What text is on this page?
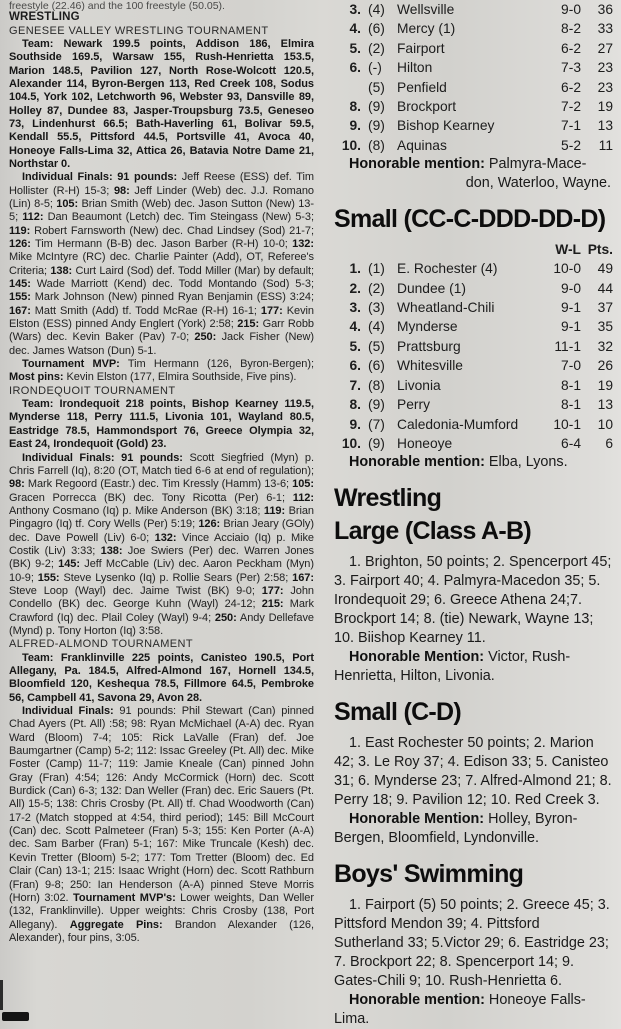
freestyle (22.46) and the 100 freestyle (50.05).
WRESTLING
GENESEE VALLEY WRESTLING TOURNAMENT

Team: Newark 199.5 points, Addison 186, Elmira Southside 169.5, Warsaw 155, Rush-Henrietta 153.5, Marion 148.5, Pavilion 127, North Rose-Wolcott 120.5, Alexander 114, Byron-Bergen 113, Red Creek 108, Sodus 104.5, York 102, Letchworth 96, Webster 93, Dansville 89, Holley 87, Dundee 83, Jasper-Troupsburg 73.5, Geneseo 73, Lindenhurst 66.5; Bath-Haverling 61, Bolivar 59.5, Kendall 55.5, Pittsford 44.5, Portsville 41, Avoca 40, Honeoye Falls-Lima 32, Attica 26, Batavia Notre Dame 21, Northstar 0.

Individual Finals: 91 pounds: Jeff Reese (ESS) def. Tim Hollister (R-H) 15-3; 98: Jeff Linder (Web) dec. J.J. Romano (Lin) 8-5; 105: Brian Smith (Web) dec. Jason Sutton (New) 13-5; 112: Dan Beaumont (Letch) dec. Tim Steingass (New) 5-3; 119: Robert Farnsworth (New) dec. Chad Lindsey (Sod) 21-7; 126: Tim Hermann (B-B) dec. Jason Barber (R-H) 10-0; 132: Mike McIntyre (RC) dec. Charlie Painter (Add), OT, Referee's Criteria; 138: Curt Laird (Sod) def. Todd Miller (Mar) by default; 145: Wade Marriott (Kend) dec. Todd Montando (Sod) 5-3; 155: Mark Johnson (New) pinned Ryan Benjamin (ESS) 3:24; 167: Matt Smith (Add) tf. Todd McRae (R-H) 16-1; 177: Kevin Elston (ESS) pinned Andy Englert (York) 2:58; 215: Garr Robb (Wars) dec. Kevin Baker (Pav) 7-0; 250: Jack Fisher (New) dec. James Watson (Dun) 5-1.

Tournament MVP: Tim Hermann (126, Byron-Bergen); Most pins: Kevin Elston (177, Elmira Southside, Five pins).

IRONDEQUOIT TOURNAMENT

Team: Irondequoit 218 points, Bishop Kearney 119.5, Mynderse 118, Perry 111.5, Livonia 101, Wayland 80.5, Eastridge 78.5, Hammondsport 76, Greece Olympia 32, East 24, Irondequoit (Gold) 23.

Individual Finals: 91 pounds: Scott Siegfried (Myn) p. Chris Farrell (Iq), 8:20 (OT, Match tied 6-6 at end of regulation); 98: Mark Regoord (Eastr.) dec. Tim Kressly (Hamm) 13-6; 105: Gracen Porrecca (BK) dec. Tony Ricotta (Per) 6-1; 112: Anthony Cosmano (Iq) p. Mike Anderson (BK) 3:18; 119: Brian Pingagro (Iq) tf. Cory Wells (Per) 5:19; 126: Brian Jeary (GOly) dec. Dave Powell (Liv) 6-0; 132: Vince Acciaio (Iq) p. Mike Costik (Liv) 3:33; 138: Joe Swiers (Per) dec. Warren Jones (BK) 9-2; 145: Jeff McCable (Liv) dec. Aaron Peckham (Myn) 10-9; 155: Steve Lysenko (Iq) p. Rollie Sears (Per) 2:58; 167: Steve Loop (Wayl) dec. Jaime Twist (BK) 9-0; 177: John Condello (BK) dec. George Kuhn (Wayl) 24-12; 215: Mark Crawford (Iq) dec. Plail Coley (Wayl) 9-4; 250: Andy Dellefave (Mynd) p. Tony Horton (Iq) 3:58.

ALFRED-ALMOND TOURNAMENT

Team: Franklinville 225 points, Canisteo 190.5, Port Allegany, Pa. 184.5, Alfred-Almond 167, Hornell 134.5, Bloomfield 120, Keshequa 78.5, Fillmore 64.5, Pembroke 56, Campbell 41, Savona 29, Avon 28.

Individual Finals: 91 pounds: Phil Stewart (Can) pinned Chad Ayers (Pt. All) :58; 98: Ryan McMichael (A-A) dec. Ryan Ward (Bloom) 7-4; 105: Rick LaValle (Fran) def. Joe Baumgartner (Camp) 5-2; 112: Issac Greeley (Pt. All) dec. Mike Foster (Camp) 11-7; 119: Jamie Kneale (Can) pinned John Gray (Fran) 4:54; 126: Andy McCormick (Horn) dec. Scott Burdick (Can) 6-3; 132: Dan Weller (Fran) dec. Eric Sauers (Pt. All) 15-5; 138: Chris Crosby (Pt. All) tf. Chad Woodworth (Can) 17-2 (Match stopped at 4:54, third period); 145: Bill McCourt (Can) dec. Scott Palmeteer (Fran) 5-3; 155: Ken Porter (A-A) dec. Sam Barber (Fran) 5-1; 167: Mike Truncale (Kesh) dec. Kevin Tretter (Bloom) 5-2; 177: Tom Tretter (Bloom) dec. Ed Clair (Can) 13-1; 215: Isaac Wright (Horn) dec. Scott Rathburn (Fran) 9-8; 250: Ian Henderson (A-A) pinned Steve Morris (Horn) 3:02. Tournament MVP's: Lower weights, Dan Weller (132, Franklinville). Upper weights: Chris Crosby (138, Port Allegany). Aggregate Pins: Brandon Alexander (126, Alexander), four pins, 3:05.

3. (4) Wellsville	9-0	36
4. (6) Mercy (1)	8-2	33
5. (2) Fairport	6-2	27
6. (-)	Hilton	7-3	23
(5) Penfield	6-2	23
8. (9) Brockport	7-2	19
9. (9) Bishop Kearney	7-1	13
10. (8) Aquinas	5-2	11
Honorable mention: Palmyra-Mace-
don, Waterloo, Wayne.
Small (CC-C-DDD-DD-D)
W-L Pts.
1. (1) E. Rochester (4)	10-0	49
2. (2) Dundee (1)	9-0	44
3. (3) Wheatland-Chili	9-1	37
4. (4) Mynderse	9-1	35
5. (5) Prattsburg	11-1	32
6. (6) Whitesville	7-0	26
7. (8) Livonia	8-1	19
8. (9) Perry	8-1	13
9. (7) Caledonia-Mumford	10-1	10
10. (9) Honeoye	6-4	6

Honorable mention: Elba, Lyons.

Wrestling
Large (Class A-B)

1. Brighton, 50 points; 2. Spencerport 45; 3. Fairport 40; 4. Palmyra-Macedon 35; 5. Irondequoit 29; 6. Greece Athena 24;7. Brockport 14; 8. (tie) Newark, Wayne 13; 10. Biishop Kearney 11.

Honorable Mention: Victor, Rush-Henrietta, Hilton, Livonia.

Small (C-D)

1. East Rochester 50 points; 2. Marion 42; 3. Le Roy 37; 4. Edison 33; 5. Canisteo 31; 6. Mynderse 23; 7. Alfred-Almond 21; 8. Perry 18; 9. Pavilion 12; 10. Red Creek 3.

Honorable Mention: Holley, Byron-Bergen, Bloomfield, Lyndonville.

Boys' Swimming

1. Fairport (5) 50 points; 2. Greece 45; 3. Pittsford Mendon 39; 4. Pittsford Sutherland 33; 5.Victor 29; 6. Eastridge 23; 7. Brockport 22; 8. Spencerport 14; 9. Gates-Chili 9; 10. Rush-Henrietta 6.

Honorable mention: Honeoye Falls-Lima.
